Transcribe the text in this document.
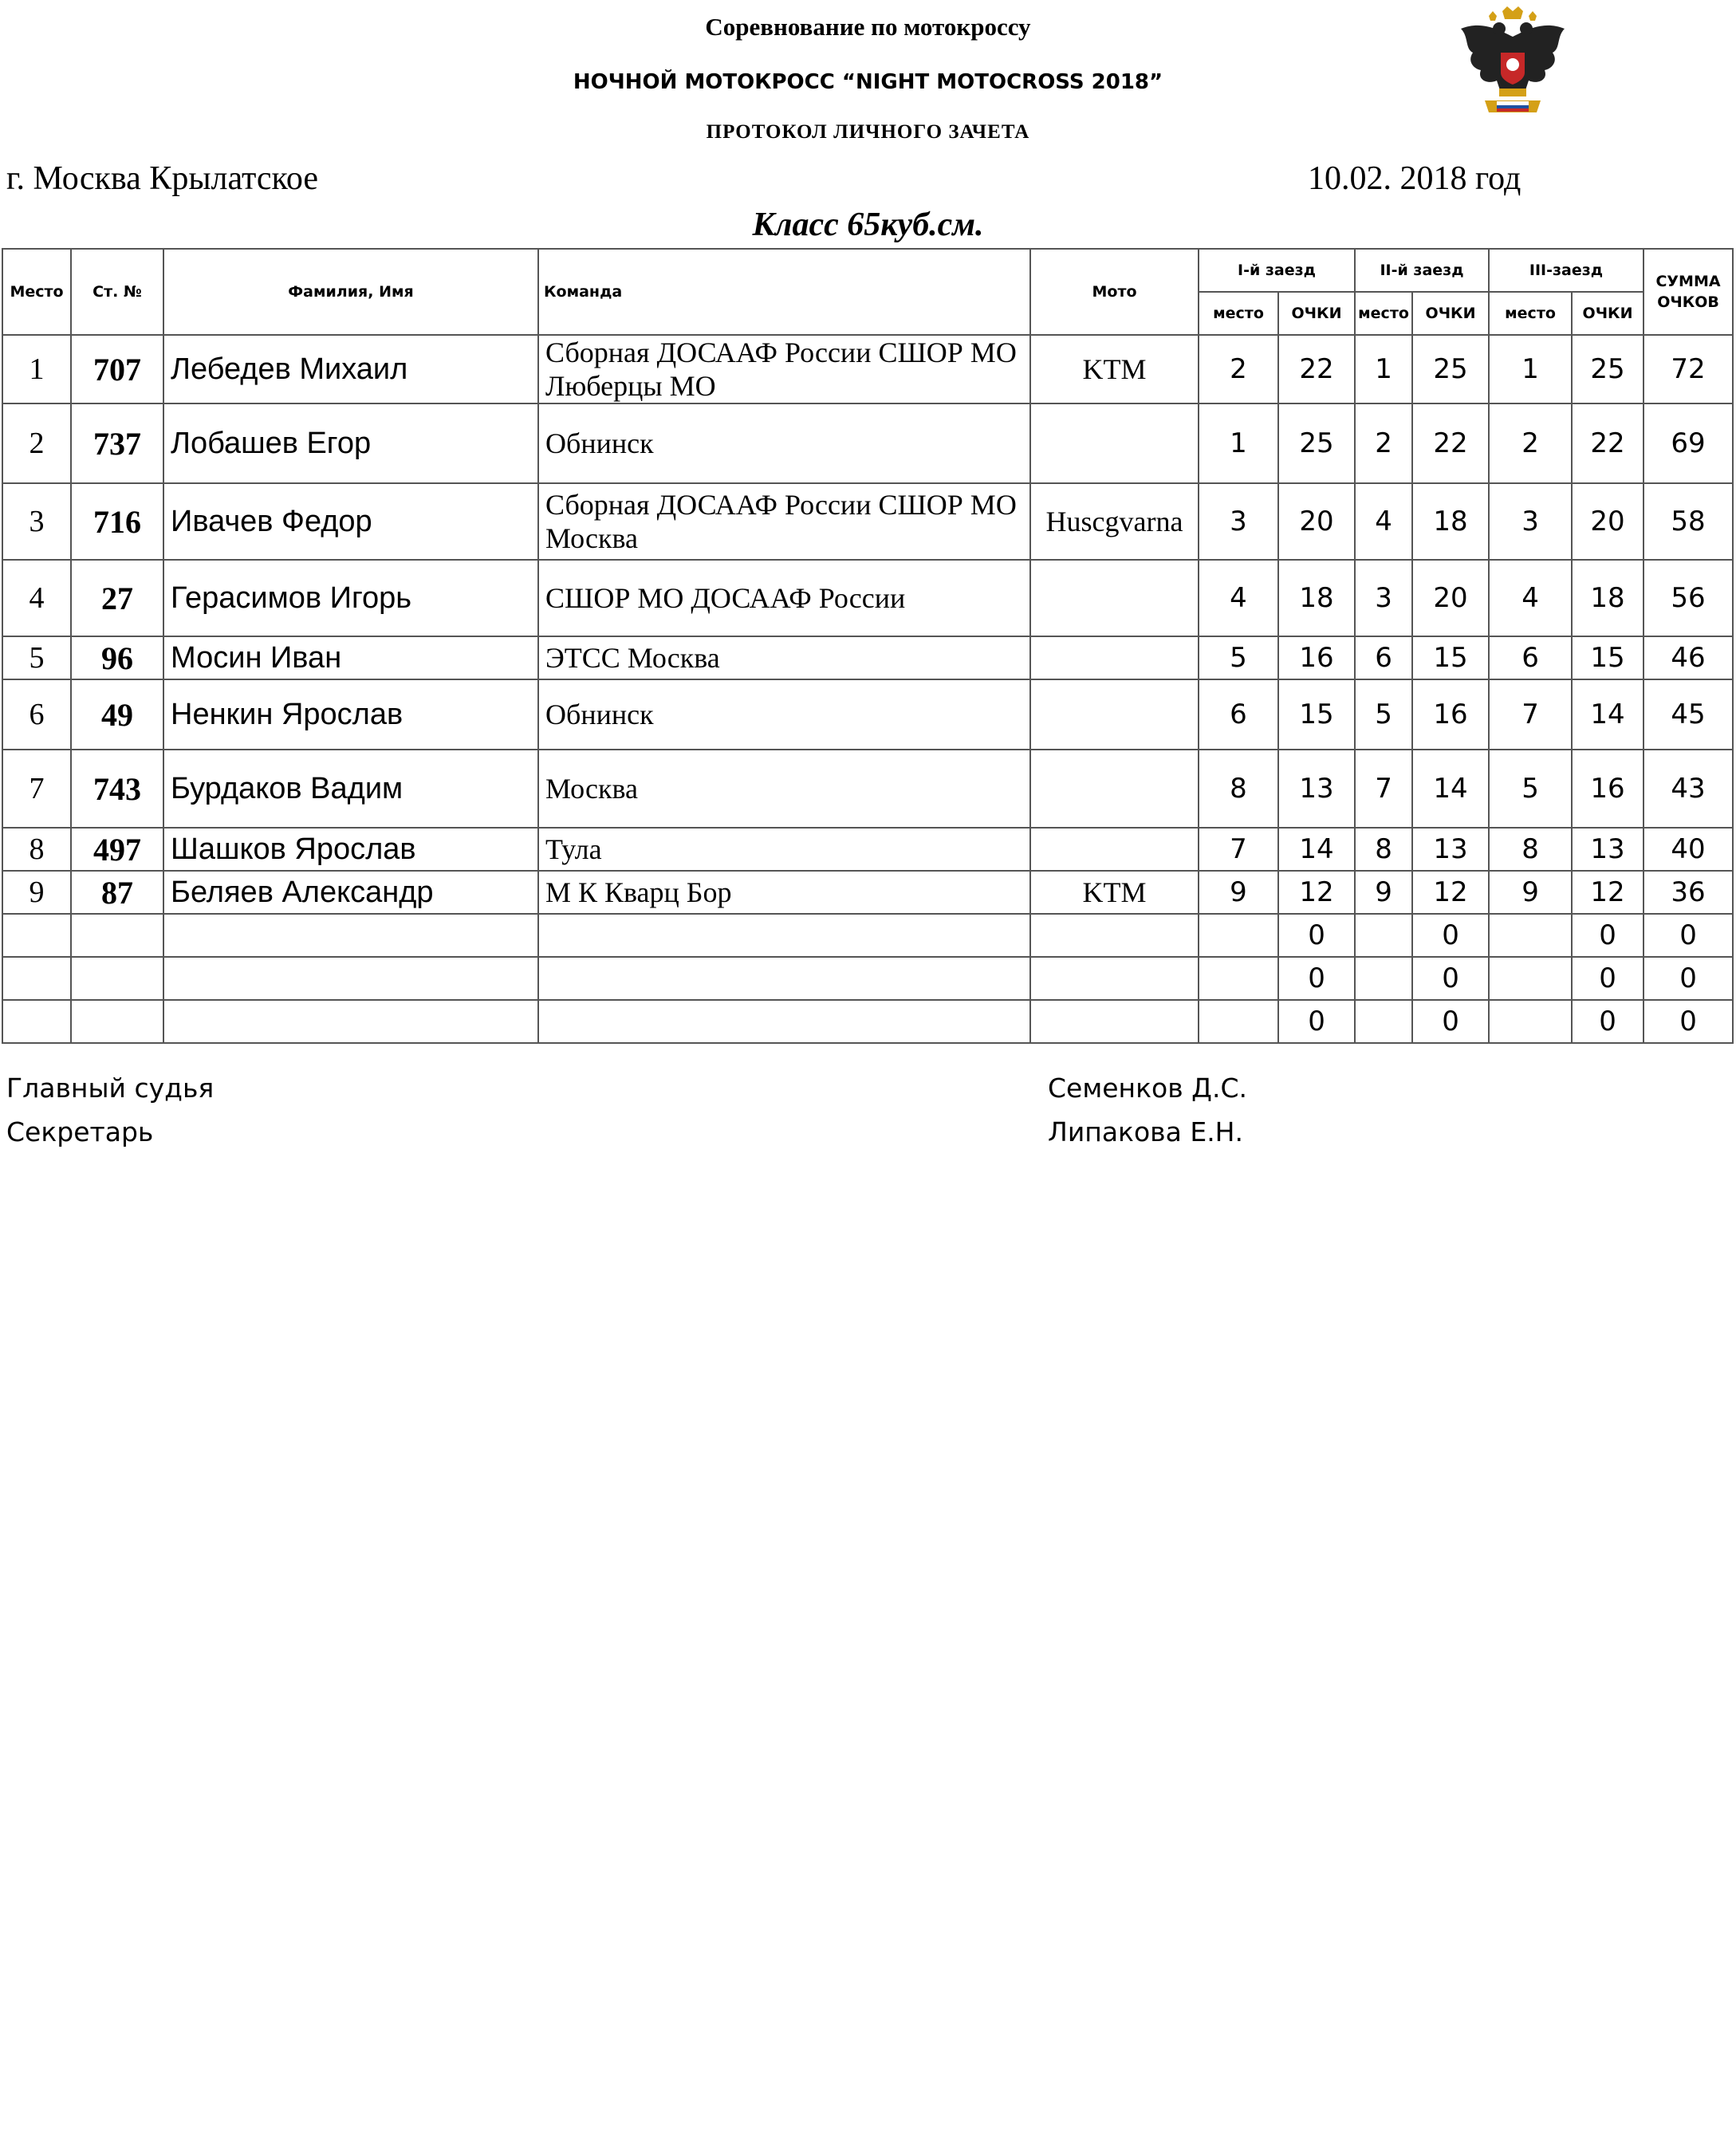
Соревнование по мотокроссу
НОЧНОЙ МОТОКРОСС “NIGHT MOTOCROSS 2018”
ПРОТОКОЛ ЛИЧНОГО ЗАЧЕТА
г. Москва Крылатское	10.02. 2018 год
Класс 65куб.см.
Место	Ст. №	Фамилия, Имя	Команда	Мото	I-й заезд		II-й заезд		III-заезд		СУММА ОЧКОВ
					место	ОЧКИ	место	ОЧКИ	место	ОЧКИ	
1	707	Лебедев Михаил	Сборная ДОСААФ России СШОР МО Люберцы МО	KTM	2	22	1	25	1	25	72
2	737	Лобашев Егор	Обнинск		1	25	2	22	2	22	69
3	716	Ивачев Федор	Сборная ДОСААФ России СШОР МО Москва	Huscgvarna	3	20	4	18	3	20	58
4	27	Герасимов Игорь	СШОР МО ДОСААФ России		4	18	3	20	4	18	56
5	96	Мосин Иван	ЭТСС Москва		5	16	6	15	6	15	46
6	49	Ненкин Ярослав	Обнинск		6	15	5	16	7	14	45
7	743	Бурдаков Вадим	Москва		8	13	7	14	5	16	43
8	497	Шашков Ярослав	Тула		7	14	8	13	8	13	40
9	87	Беляев Александр	М К Кварц Бор	KTM	9	12	9	12	9	12	36
						0		0		0	0
						0		0		0	0
						0		0		0	0
Главный судья	Семенков Д.С.
Секретарь	Липакова Е.Н.
